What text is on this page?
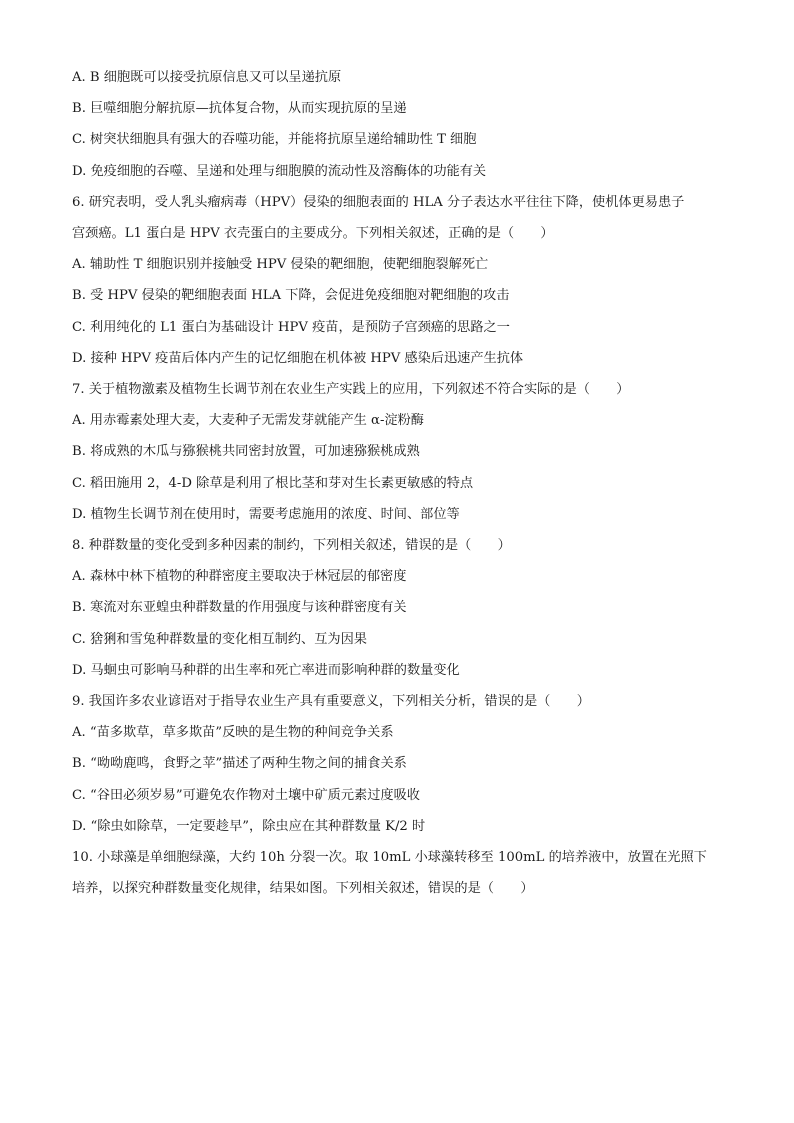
A. B 细胞既可以接受抗原信息又可以呈递抗原

B. 巨噬细胞分解抗原—抗体复合物，从而实现抗原的呈递

C. 树突状细胞具有强大的吞噬功能，并能将抗原呈递给辅助性 T 细胞

D. 免疫细胞的吞噬、呈递和处理与细胞膜的流动性及溶酶体的功能有关

6. 研究表明，受人乳头瘤病毒（HPV）侵染的细胞表面的 HLA 分子表达水平往往下降，使机体更易患子

宫颈癌。L1 蛋白是 HPV 衣壳蛋白的主要成分。下列相关叙述，正确的是（　　）

A. 辅助性 T 细胞识别并接触受 HPV 侵染的靶细胞，使靶细胞裂解死亡

B. 受 HPV 侵染的靶细胞表面 HLA 下降，会促进免疫细胞对靶细胞的攻击

C. 利用纯化的 L1 蛋白为基础设计 HPV 疫苗，是预防子宫颈癌的思路之一

D. 接种 HPV 疫苗后体内产生的记忆细胞在机体被 HPV 感染后迅速产生抗体

7. 关于植物激素及植物生长调节剂在农业生产实践上的应用，下列叙述不符合实际的是（　　）

A. 用赤霉素处理大麦，大麦种子无需发芽就能产生 α-淀粉酶

B. 将成熟的木瓜与猕猴桃共同密封放置，可加速猕猴桃成熟

C. 稻田施用 2，4-D 除草是利用了根比茎和芽对生长素更敏感的特点

D. 植物生长调节剂在使用时，需要考虑施用的浓度、时间、部位等

8. 种群数量的变化受到多种因素的制约，下列相关叙述，错误的是（　　）

A. 森林中林下植物的种群密度主要取决于林冠层的郁密度

B. 寒流对东亚蝗虫种群数量的作用强度与该种群密度有关

C. 猞猁和雪兔种群数量的变化相互制约、互为因果

D. 马蛔虫可影响马种群的出生率和死亡率进而影响种群的数量变化

9. 我国许多农业谚语对于指导农业生产具有重要意义，下列相关分析，错误的是（　　）

A. “苗多欺草，草多欺苗”反映的是生物的种间竞争关系

B. “呦呦鹿鸣，食野之苹”描述了两种生物之间的捕食关系

C. “谷田必须岁易”可避免农作物对土壤中矿质元素过度吸收

D. “除虫如除草，一定要趁早”，除虫应在其种群数量 K/2 时

10. 小球藻是单细胞绿藻，大约 10h 分裂一次。取 10mL 小球藻转移至 100mL 的培养液中，放置在光照下

培养，以探究种群数量变化规律，结果如图。下列相关叙述，错误的是（　　）
